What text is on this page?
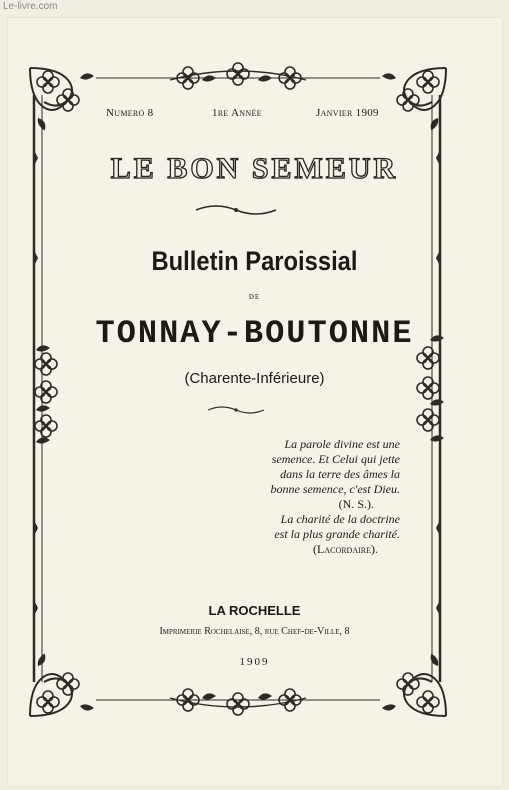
Le-livre.com
Numero 8	1re Année	Janvier 1909
LE BON SEMEUR
Bulletin Paroissial
DE
TONNAY-BOUTONNE
(Charente-Inférieure)
La parole divine est une
semence. Et Celui qui jette
dans la terre des âmes la
bonne semence, c'est Dieu.
(N. S.).
La charité de la doctrine
est la plus grande charité.
(Lacordaire).
LA ROCHELLE
Imprimerie Rochelaise, 8, rue Chef-de-Ville, 8
1909
